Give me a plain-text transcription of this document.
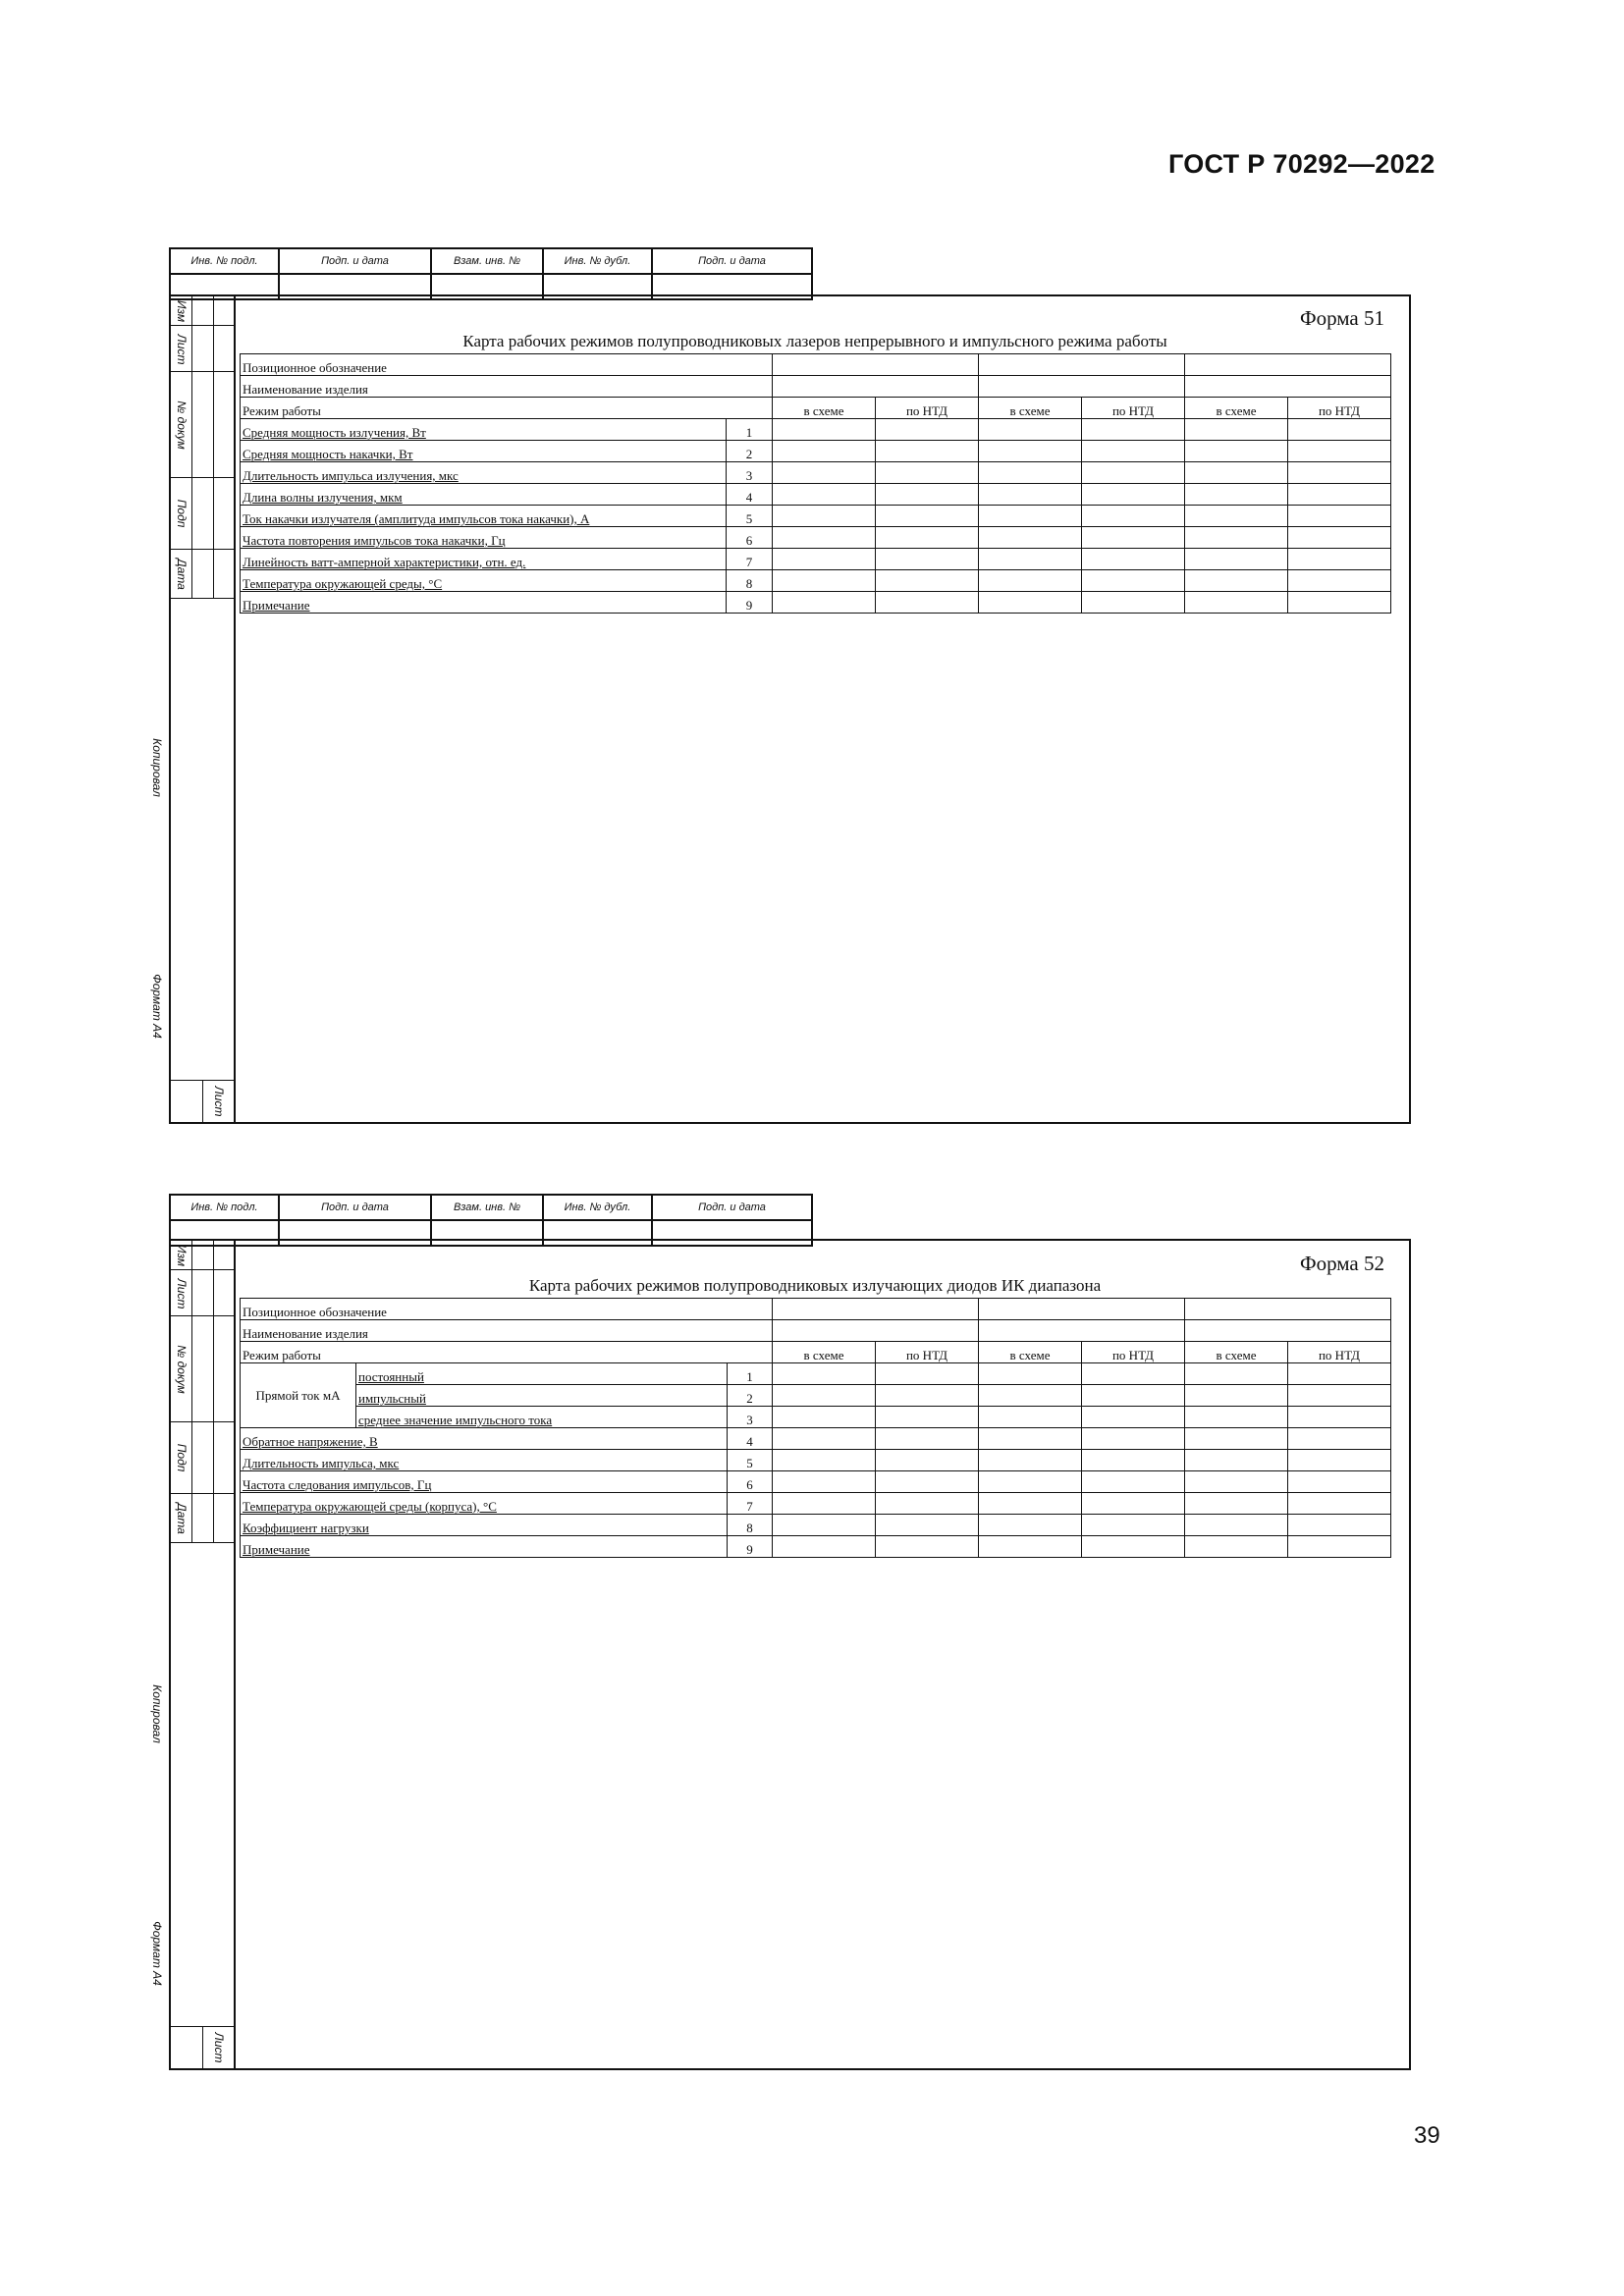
ГОСТ Р 70292—2022
Инв. № подл.	Подп. и дата	Взам. инв. №	Инв. № дубл.	Подп. и дата

Изм
Лист
№ докум
Подп
Дата
Лист
Копировал
Формат А4
Форма 51
Карта рабочих режимов полупроводниковых лазеров непрерывного и импульсного режима работы
Позиционное обозначение							
Наименование изделия							
Режим работы		в схеме	по НТД	в схеме	по НТД	в схеме	по НТД
Средняя мощность излучения, Вт	1						
Средняя мощность накачки, Вт	2						
Длительность импульса излучения, мкс	3						
Длина волны излучения, мкм	4						
Ток накачки излучателя (амплитуда импульсов тока накачки), А	5						
Частота повторения импульсов тока накачки, Гц	6						
Линейность ватт-амперной характеристики, отн. ед.	7						
Температура окружающей среды, °С	8						
Примечание	9						
Инв. № подл.	Подп. и дата	Взам. инв. №	Инв. № дубл.	Подп. и дата

Изм
Лист
№ докум
Подп
Дата
Лист
Копировал
Формат А4
Форма 52
Карта рабочих режимов полупроводниковых излучающих диодов ИК диапазона
Позиционное обозначение								
Наименование изделия								
Режим работы			в схеме	по НТД	в схеме	по НТД	в схеме	по НТД
Прямой ток мА	постоянный	1						
	импульсный	2						
	среднее значение импульсного тока	3						
Обратное напряжение, В		4						
Длительность импульса, мкс		5						
Частота следования импульсов, Гц		6						
Температура окружающей среды (корпуса), °С		7						
Коэффициент нагрузки		8						
Примечание		9						
39
